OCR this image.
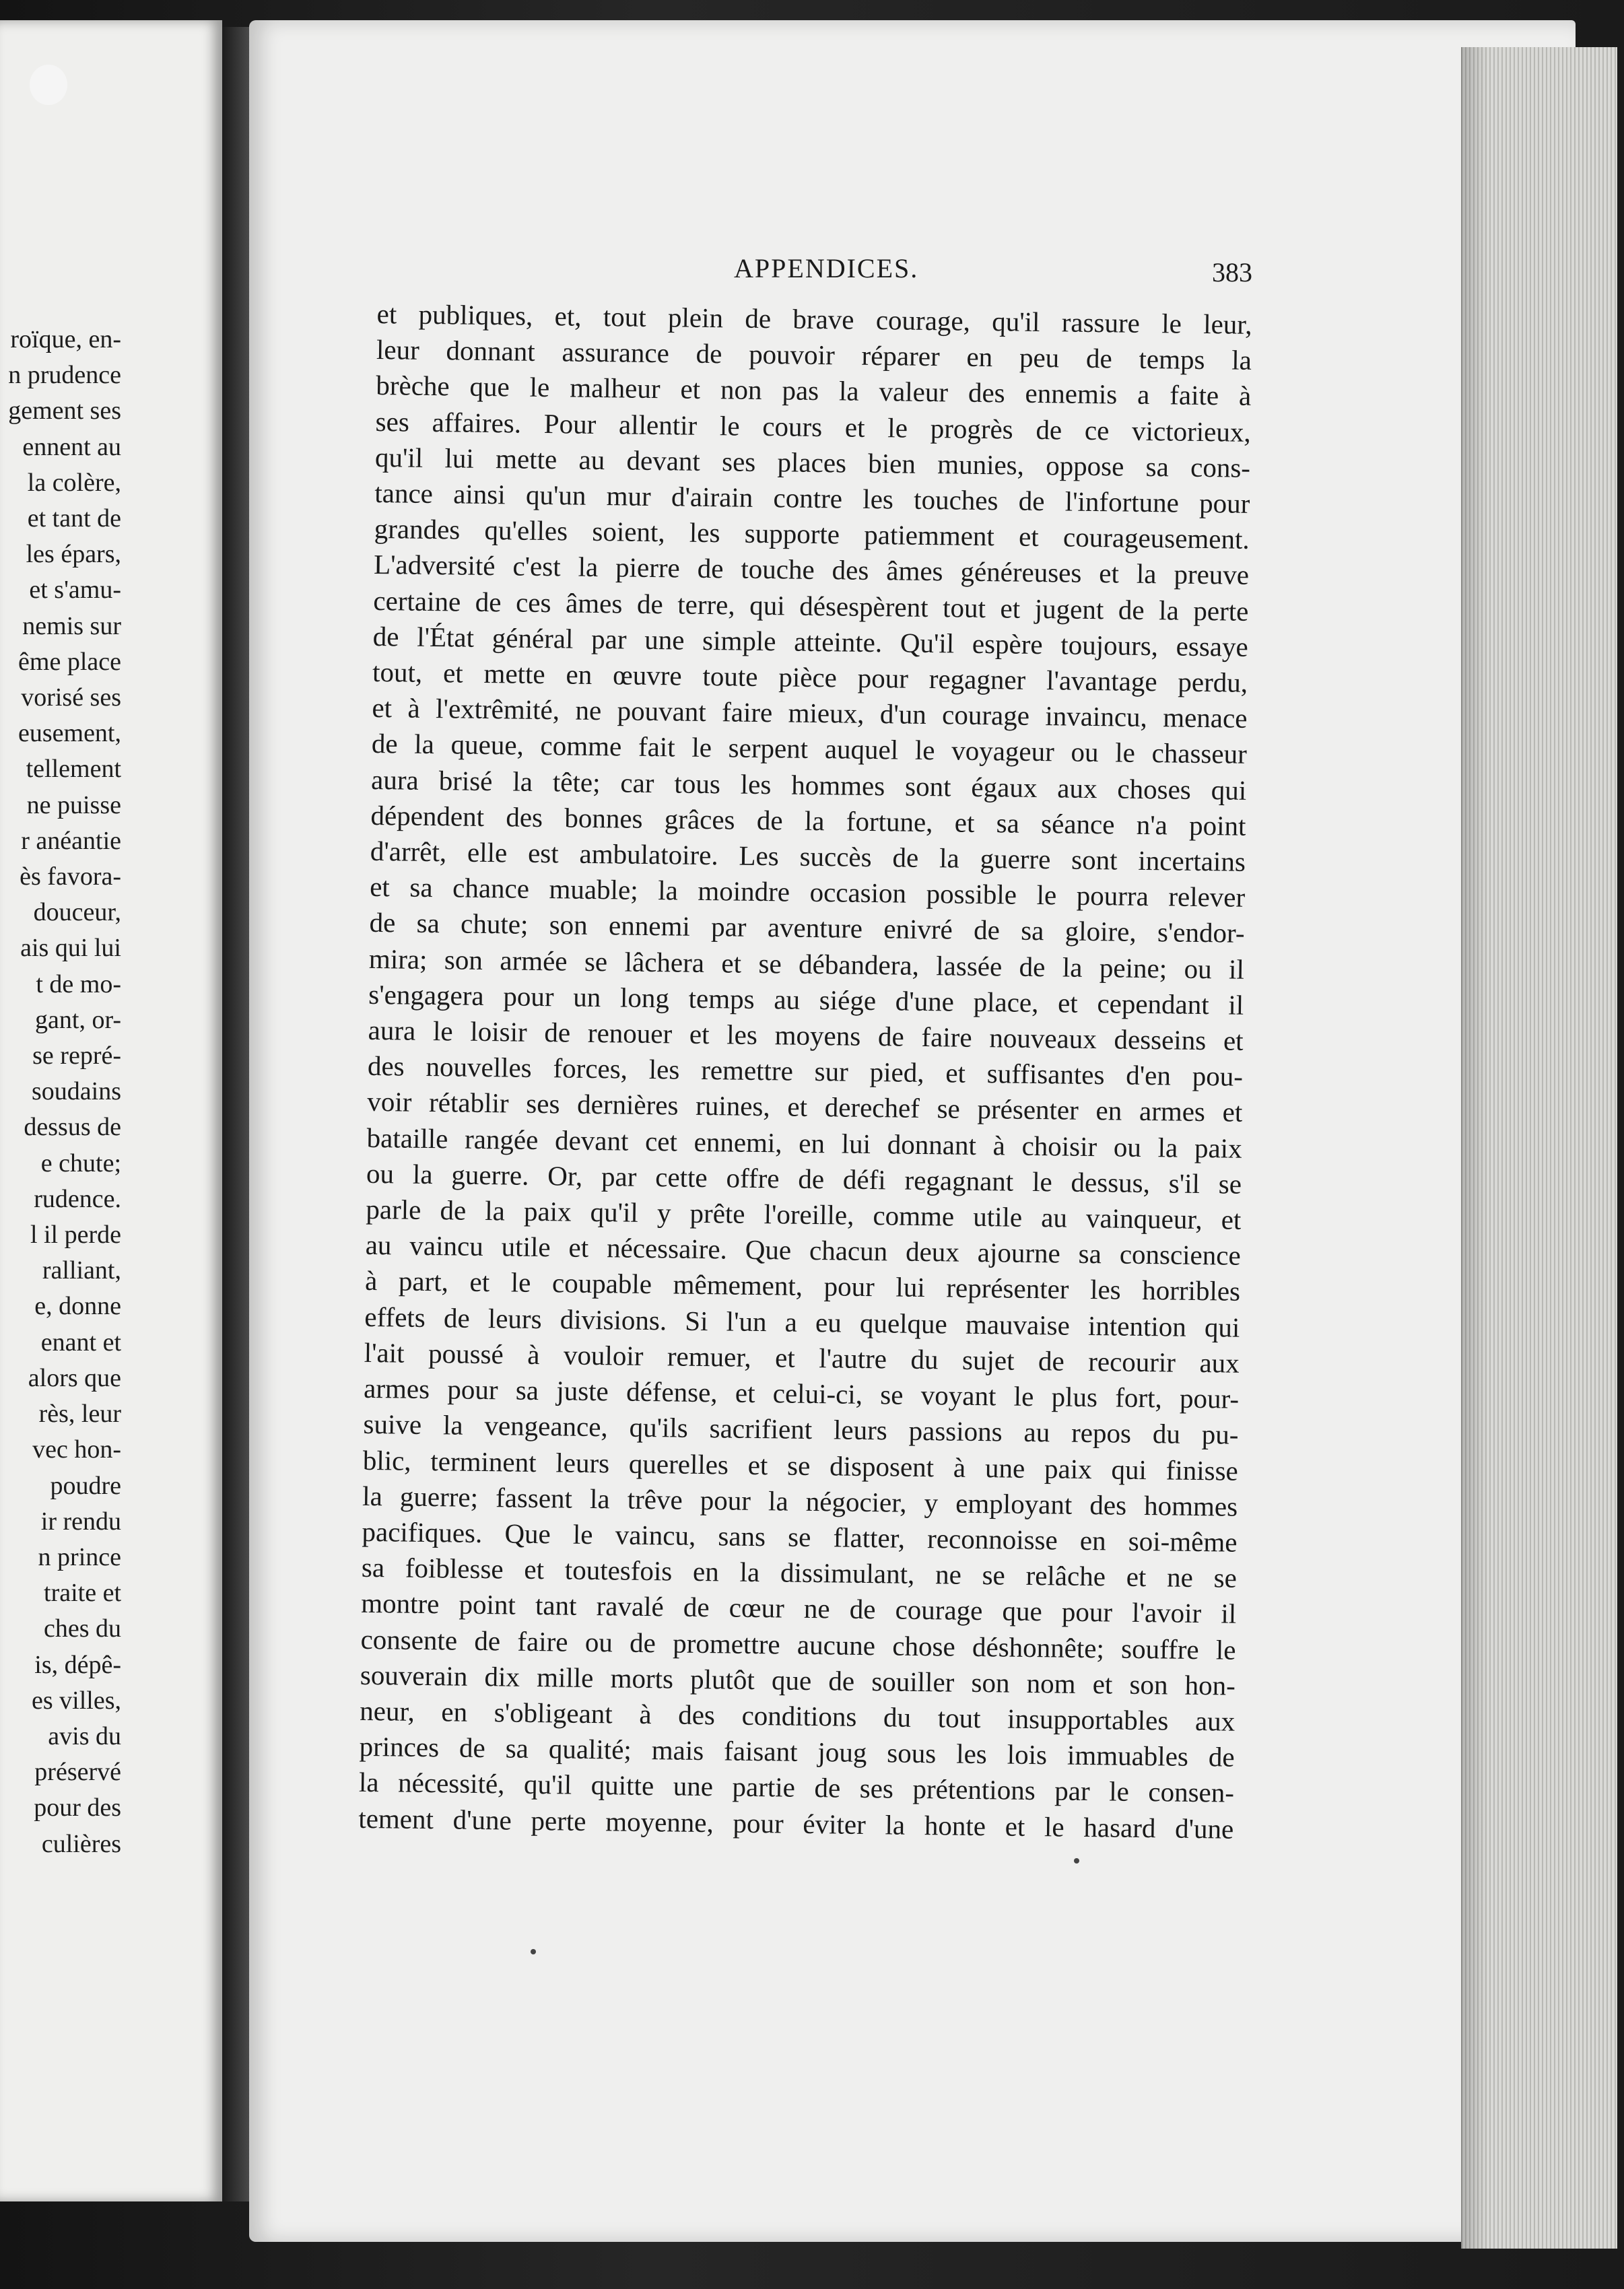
roïque, en-
n prudence
gement ses
ennent au
la colère,
et tant de
les épars,
et s'amu-
nemis sur
ême place
vorisé ses
eusement,
tellement
ne puisse
r anéantie
ès favora-
douceur,
ais qui lui
t de mo-
gant, or-
se repré-
soudains
dessus de
e chute;
rudence.
l il perde
ralliant,
e, donne
enant et
alors que
rès, leur
vec hon-
poudre
ir rendu
n prince
traite et
ches du
is, dépê-
es villes,
avis du
préservé
pour des
culières
APPENDICES.	383
et publiques, et, tout plein de brave courage, qu'il rassure le leur,
leur donnant assurance de pouvoir réparer en peu de temps la
brèche que le malheur et non pas la valeur des ennemis a faite à
ses affaires. Pour allentir le cours et le progrès de ce victorieux,
qu'il lui mette au devant ses places bien munies, oppose sa cons-
tance ainsi qu'un mur d'airain contre les touches de l'infortune pour
grandes qu'elles soient, les supporte patiemment et courageusement.
L'adversité c'est la pierre de touche des âmes généreuses et la preuve
certaine de ces âmes de terre, qui désespèrent tout et jugent de la perte
de l'État général par une simple atteinte. Qu'il espère toujours, essaye
tout, et mette en œuvre toute pièce pour regagner l'avantage perdu,
et à l'extrêmité, ne pouvant faire mieux, d'un courage invaincu, menace
de la queue, comme fait le serpent auquel le voyageur ou le chasseur
aura brisé la tête; car tous les hommes sont égaux aux choses qui
dépendent des bonnes grâces de la fortune, et sa séance n'a point
d'arrêt, elle est ambulatoire. Les succès de la guerre sont incertains
et sa chance muable; la moindre occasion possible le pourra relever
de sa chute; son ennemi par aventure enivré de sa gloire, s'endor-
mira; son armée se lâchera et se débandera, lassée de la peine; ou il
s'engagera pour un long temps au siége d'une place, et cependant il
aura le loisir de renouer et les moyens de faire nouveaux desseins et
des nouvelles forces, les remettre sur pied, et suffisantes d'en pou-
voir rétablir ses dernières ruines, et derechef se présenter en armes et
bataille rangée devant cet ennemi, en lui donnant à choisir ou la paix
ou la guerre. Or, par cette offre de défi regagnant le dessus, s'il se
parle de la paix qu'il y prête l'oreille, comme utile au vainqueur, et
au vaincu utile et nécessaire. Que chacun deux ajourne sa conscience
à part, et le coupable mêmement, pour lui représenter les horribles
effets de leurs divisions. Si l'un a eu quelque mauvaise intention qui
l'ait poussé à vouloir remuer, et l'autre du sujet de recourir aux
armes pour sa juste défense, et celui-ci, se voyant le plus fort, pour-
suive la vengeance, qu'ils sacrifient leurs passions au repos du pu-
blic, terminent leurs querelles et se disposent à une paix qui finisse
la guerre; fassent la trêve pour la négocier, y employant des hommes
pacifiques. Que le vaincu, sans se flatter, reconnoisse en soi-même
sa foiblesse et toutesfois en la dissimulant, ne se relâche et ne se
montre point tant ravalé de cœur ne de courage que pour l'avoir il
consente de faire ou de promettre aucune chose déshonnête; souffre le
souverain dix mille morts plutôt que de souiller son nom et son hon-
neur, en s'obligeant à des conditions du tout insupportables aux
princes de sa qualité; mais faisant joug sous les lois immuables de
la nécessité, qu'il quitte une partie de ses prétentions par le consen-
tement d'une perte moyenne, pour éviter la honte et le hasard d'une
